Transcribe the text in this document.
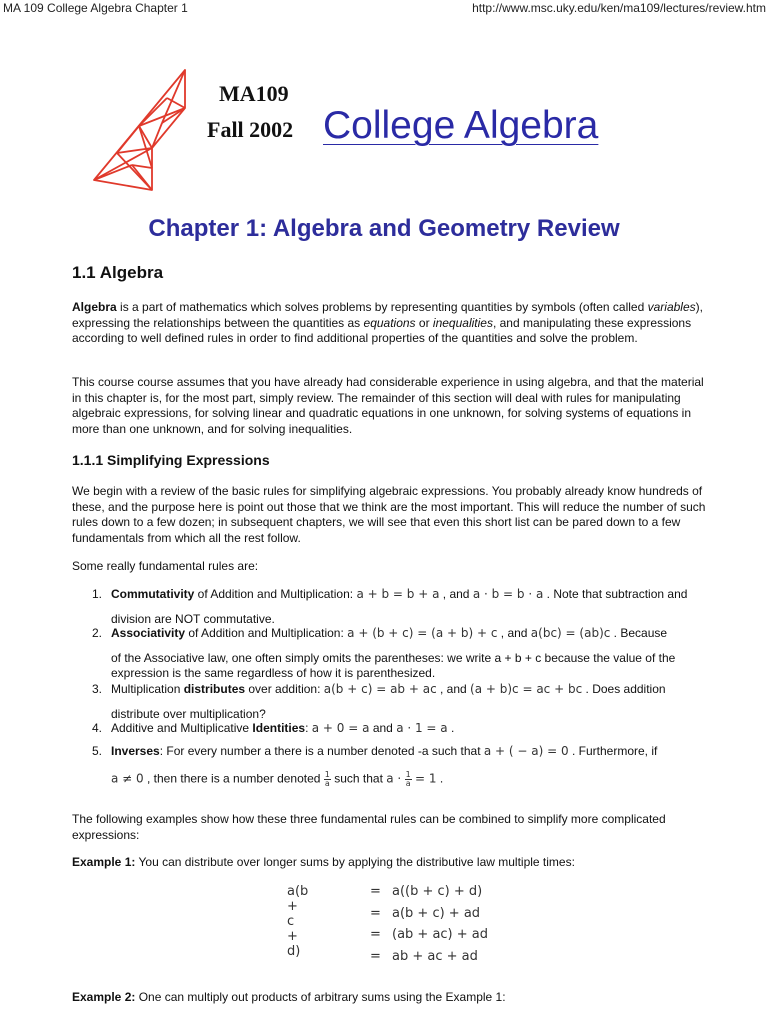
MA 109 College Algebra Chapter 1	http://www.msc.uky.edu/ken/ma109/lectures/review.htm
MA109
Fall 2002 College Algebra
Chapter 1: Algebra and Geometry Review
1.1 Algebra
Algebra is a part of mathematics which solves problems by representing quantities by symbols (often called variables), expressing the relationships between the quantities as equations or inequalities, and manipulating these expressions according to well defined rules in order to find additional properties of the quantities and solve the problem.
This course course assumes that you have already had considerable experience in using algebra, and that the material in this chapter is, for the most part, simply review. The remainder of this section will deal with rules for manipulating algebraic expressions, for solving linear and quadratic equations in one unknown, for solving systems of equations in more than one unknown, and for solving inequalities.
1.1.1 Simplifying Expressions
We begin with a review of the basic rules for simplifying algebraic expressions. You probably already know hundreds of these, and the purpose here is point out those that we think are the most important. This will reduce the number of such rules down to a few dozen; in subsequent chapters, we will see that even this short list can be pared down to a few fundamentals from which all the rest follow.
Some really fundamental rules are:
1. Commutativity of Addition and Multiplication: a + b = b + a , and a · b = b · a . Note that subtraction and
division are NOT commutative.
2. Associativity of Addition and Multiplication: a + (b + c) = (a + b) + c , and a(bc) = (ab)c . Because
of the Associative law, one often simply omits the parentheses: we write a + b + c because the value of the expression is the same regardless of how it is parenthesized.
3. Multiplication distributes over addition: a(b + c) = ab + ac , and (a + b)c = ac + bc . Does addition
distribute over multiplication?
4. Additive and Multiplicative Identities: a + 0 = a and a · 1 = a .
5. Inverses: For every number a there is a number denoted -a such that a + ( − a) = 0 . Furthermore, if
a ≠ 0 , then there is a number denoted $\frac{1}{a}$ such that $a \cdot \frac{1}{a} = 1$ .
The following examples show how these three fundamental rules can be combined to simplify more complicated expressions:
Example 1: You can distribute over longer sums by applying the distributive law multiple times:
a(b + c + d)
= a((b + c) + d)
= a(b + c) + ad
= (ab + ac) + ad
= ab + ac + ad
Example 2: One can multiply out products of arbitrary sums using the Example 1:
